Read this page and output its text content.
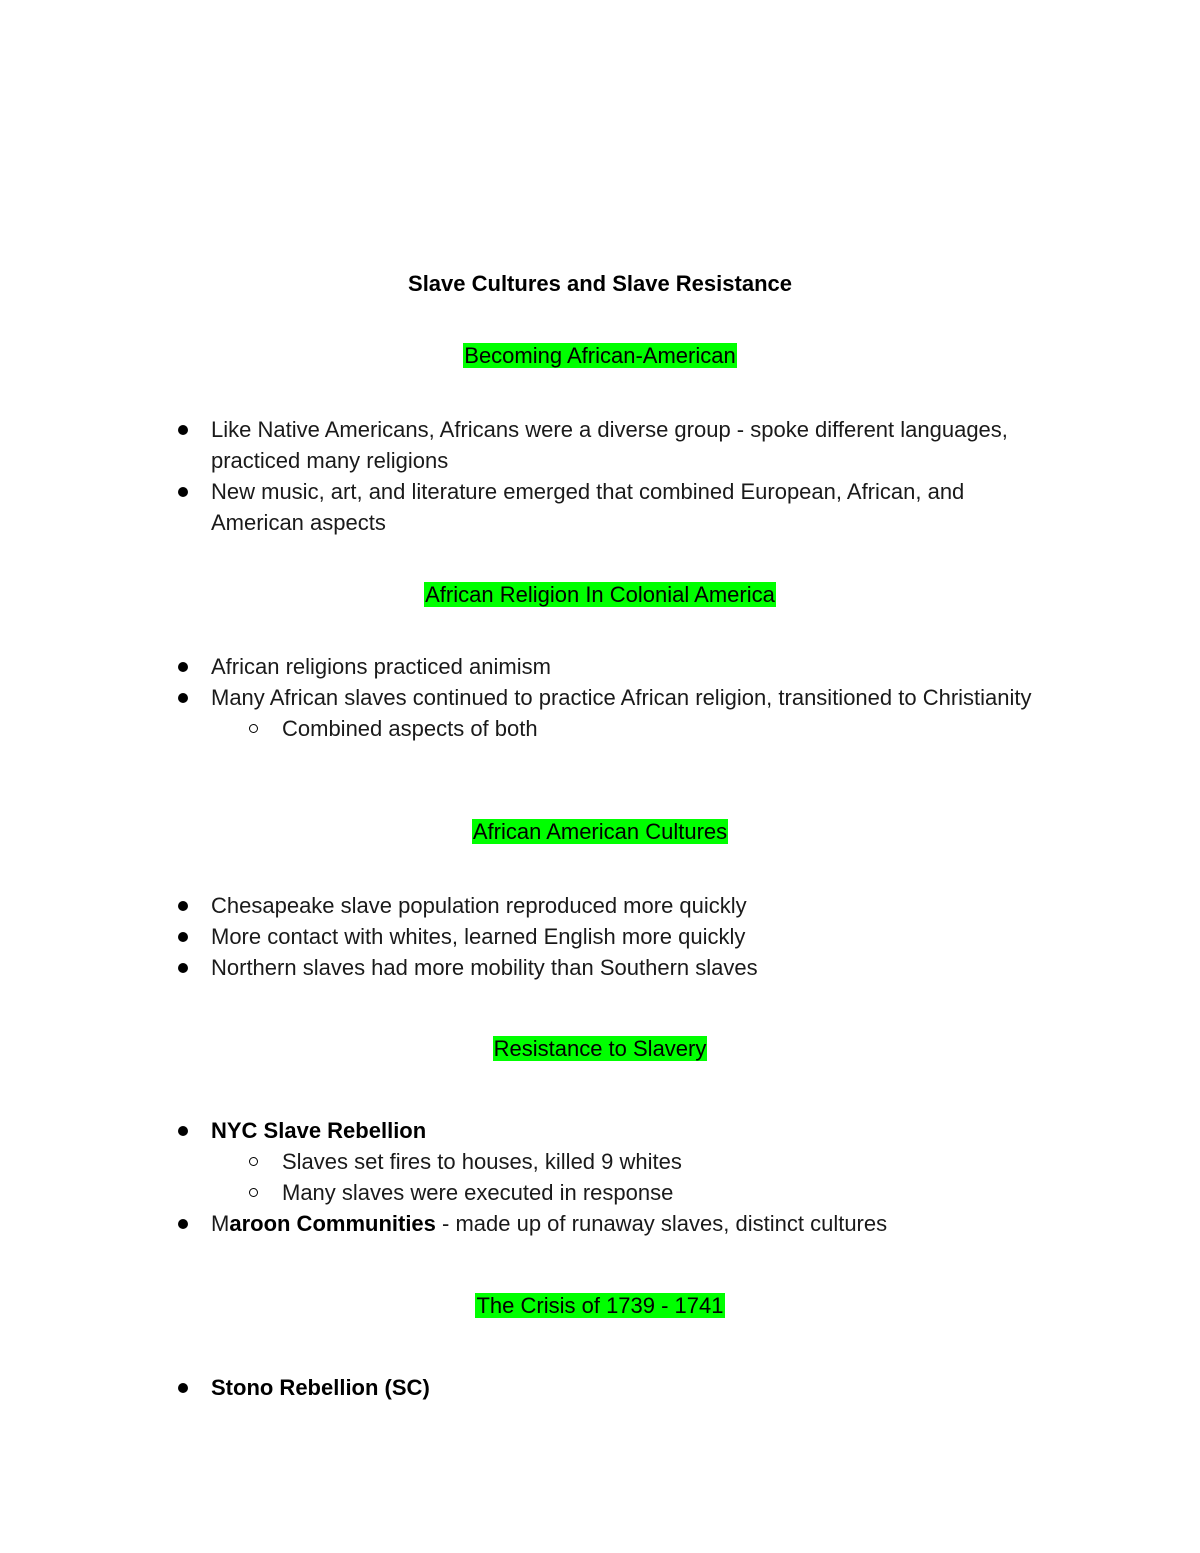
Slave Cultures and Slave Resistance
Becoming African-American
Like Native Americans, Africans were a diverse group - spoke different languages, practiced many religions
New music, art, and literature emerged that combined European, African, and American aspects
African Religion In Colonial America
African religions practiced animism
Many African slaves continued to practice African religion, transitioned to Christianity
Combined aspects of both
African American Cultures
Chesapeake slave population reproduced more quickly
More contact with whites, learned English more quickly
Northern slaves had more mobility than Southern slaves
Resistance to Slavery
NYC Slave Rebellion
Slaves set fires to houses, killed 9 whites
Many slaves were executed in response
Maroon Communities - made up of runaway slaves, distinct cultures
The Crisis of 1739 - 1741
Stono Rebellion (SC)
